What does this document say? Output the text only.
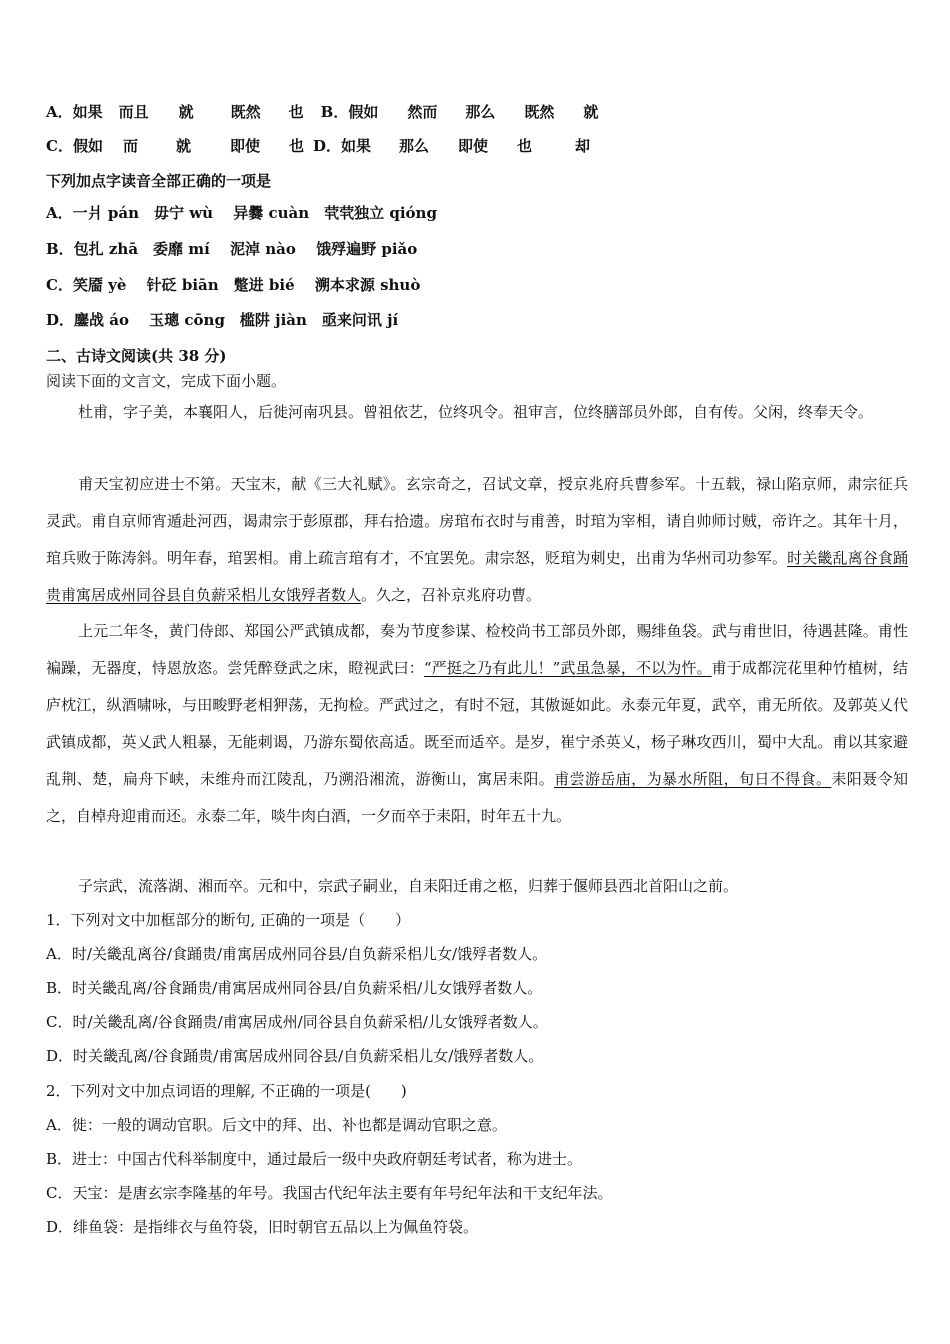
A．如果 而且 就 既然 也 B．假如 然而 那么 既然 就
C．假如 而	就	即使 也 D．如果 那么 即使 也	却
下列加点字读音全部正确的一项是
A．一爿 pán　毋宁 wù　 异爨 cuàn　茕茕独立 qióng
B．包扎 zhā　委靡 mí　 泥淖 nào　 饿殍遍野 piǎo
C．笑靥 yè　 针砭 biān　蹩进 bié　 溯本求源 shuò
D．鏖战 áo　 玉璁 cōng　槛阱 jiàn　亟来问讯 jí
二、古诗文阅读(共 38 分)
阅读下面的文言文，完成下面小题。
杜甫，字子美，本襄阳人，后徙河南巩县。曾祖依艺，位终巩令。祖审言，位终膳部员外郎，自有传。父闲，终奉天令。
甫天宝初应进士不第。天宝末，献《三大礼赋》。玄宗奇之，召试文章，授京兆府兵曹参军。十五载，禄山陷京师，肃宗征兵灵武。甫自京师宵遁赴河西，谒肃宗于彭原郡，拜右拾遗。房琯布衣时与甫善，时琯为宰相，请自帅师讨贼，帝许之。其年十月，琯兵败于陈涛斜。明年春，琯罢相。甫上疏言琯有才，不宜罢免。肃宗怒，贬琯为刺史，出甫为华州司功参军。时关畿乱离谷食踊贵甫寓居成州同谷县自负薪采梠儿女饿殍者数人。久之，召补京兆府功曹。
上元二年冬，黄门侍郎、郑国公严武镇成都，奏为节度参谋、检校尚书工部员外郎，赐绯鱼袋。武与甫世旧，待遇甚隆。甫性褊躁，无器度，恃恩放恣。尝凭醉登武之床，瞪视武曰：“严挺之乃有此儿！”武虽急暴，不以为忤。甫于成都浣花里种竹植树，结庐枕江，纵酒啸咏，与田畯野老相狎荡，无拘检。严武过之，有时不冠，其傲诞如此。永泰元年夏，武卒，甫无所依。及郭英乂代武镇成都，英乂武人粗暴，无能刺谒，乃游东蜀依高适。既至而适卒。是岁，崔宁杀英乂，杨子琳攻西川，蜀中大乱。甫以其家避乱荆、楚，扁舟下峡，未维舟而江陵乱，乃溯沿湘流，游衡山，寓居耒阳。甫尝游岳庙，为暴水所阻，旬日不得食。耒阳聂令知之，自棹舟迎甫而还。永泰二年，啖牛肉白酒，一夕而卒于耒阳，时年五十九。
子宗武，流落湖、湘而卒。元和中，宗武子嗣业，自耒阳迁甫之柩，归葬于偃师县西北首阳山之前。
1．下列对文中加框部分的断句, 正确的一项是（　　）
A．时/关畿乱离谷/食踊贵/甫寓居成州同谷县/自负薪采梠儿女/饿殍者数人。
B．时关畿乱离/谷食踊贵/甫寓居成州同谷县/自负薪采梠/儿女饿殍者数人。
C．时/关畿乱离/谷食踊贵/甫寓居成州/同谷县自负薪采梠/儿女饿殍者数人。
D．时关畿乱离/谷食踊贵/甫寓居成州同谷县/自负薪采梠儿女/饿殍者数人。
2．下列对文中加点词语的理解, 不正确的一项是(　　)
A．徙：一般的调动官职。后文中的拜、出、补也都是调动官职之意。
B．进士：中国古代科举制度中，通过最后一级中央政府朝廷考试者，称为进士。
C．天宝：是唐玄宗李隆基的年号。我国古代纪年法主要有年号纪年法和干支纪年法。
D．绯鱼袋：是指绯衣与鱼符袋，旧时朝官五品以上为佩鱼符袋。
